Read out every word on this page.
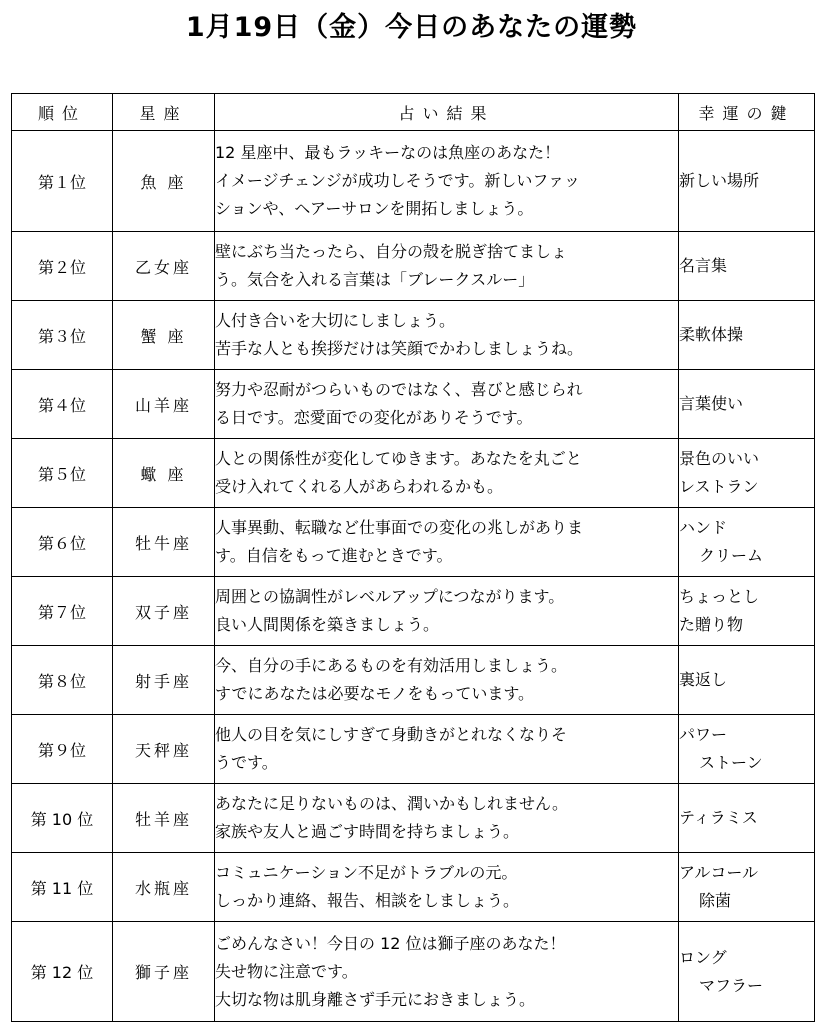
1月19日（金）今日のあなたの運勢
順位	星座	占い結果	幸運の鍵
第１位	魚 座	12 星座中、最もラッキーなのは魚座のあなた！
イメージチェンジが成功しそうです。新しいファッ
ションや、ヘアーサロンを開拓しましょう。	新しい場所

第２位	乙女座	壁にぶち当たったら、自分の殻を脱ぎ捨てましょ
う。気合を入れる言葉は「ブレークスルー」	名言集

第３位	蟹 座	人付き合いを大切にしましょう。
苦手な人とも挨拶だけは笑顔でかわしましょうね。	柔軟体操

第４位	山羊座	努力や忍耐がつらいものではなく、喜びと感じられ
る日です。恋愛面での変化がありそうです。	言葉使い

第５位	蠍 座	人との関係性が変化してゆきます。あなたを丸ごと
受け入れてくれる人があらわれるかも。	景色のいい
レストラン

第６位	牡牛座	人事異動、転職など仕事面での変化の兆しがありま
す。自信をもって進むときです。	ハンド
クリーム

第７位	双子座	周囲との協調性がレベルアップにつながります。
良い人間関係を築きましょう。	ちょっとし
た贈り物

第８位	射手座	今、自分の手にあるものを有効活用しましょう。
すでにあなたは必要なモノをもっています。	裏返し

第９位	天秤座	他人の目を気にしすぎて身動きがとれなくなりそ
うです。	パワー
ストーン

第 10 位	牡羊座	あなたに足りないものは、潤いかもしれません。
家族や友人と過ごす時間を持ちましょう。	ティラミス

第 11 位	水瓶座	コミュニケーション不足がトラブルの元。
しっかり連絡、報告、相談をしましょう。	アルコール
除菌

第 12 位	獅子座	ごめんなさい！今日の 12 位は獅子座のあなた！
失せ物に注意です。
大切な物は肌身離さず手元におきましょう。	ロング
マフラー
